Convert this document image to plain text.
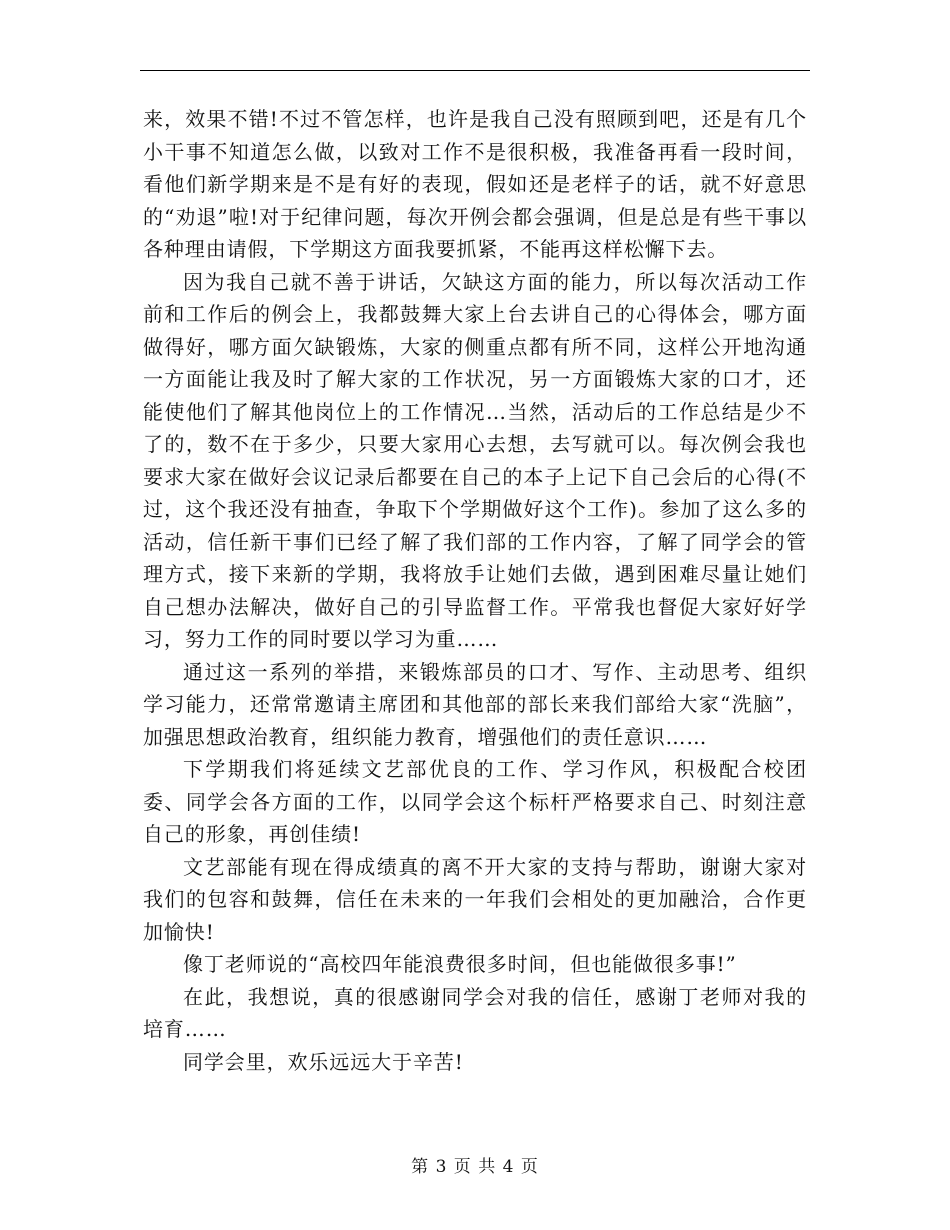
来，效果不错!不过不管怎样，也许是我自己没有照顾到吧，还是有几个小干事不知道怎么做，以致对工作不是很积极，我准备再看一段时间，看他们新学期来是不是有好的表现，假如还是老样子的话，就不好意思的“劝退”啦!对于纪律问题，每次开例会都会强调，但是总是有些干事以各种理由请假，下学期这方面我要抓紧，不能再这样松懈下去。

因为我自己就不善于讲话，欠缺这方面的能力，所以每次活动工作前和工作后的例会上，我都鼓舞大家上台去讲自己的心得体会，哪方面做得好，哪方面欠缺锻炼，大家的侧重点都有所不同，这样公开地沟通一方面能让我及时了解大家的工作状况，另一方面锻炼大家的口才，还能使他们了解其他岗位上的工作情况…当然，活动后的工作总结是少不了的，数不在于多少，只要大家用心去想，去写就可以。每次例会我也要求大家在做好会议记录后都要在自己的本子上记下自己会后的心得(不过，这个我还没有抽查，争取下个学期做好这个工作)。参加了这么多的活动，信任新干事们已经了解了我们部的工作内容，了解了同学会的管理方式，接下来新的学期，我将放手让她们去做，遇到困难尽量让她们自己想办法解决，做好自己的引导监督工作。平常我也督促大家好好学习，努力工作的同时要以学习为重……

通过这一系列的举措，来锻炼部员的口才、写作、主动思考、组织学习能力，还常常邀请主席团和其他部的部长来我们部给大家“洗脑”，加强思想政治教育，组织能力教育，增强他们的责任意识……

下学期我们将延续文艺部优良的工作、学习作风，积极配合校团委、同学会各方面的工作，以同学会这个标杆严格要求自己、时刻注意自己的形象，再创佳绩!

文艺部能有现在得成绩真的离不开大家的支持与帮助，谢谢大家对我们的包容和鼓舞，信任在未来的一年我们会相处的更加融洽，合作更加愉快!

像丁老师说的“高校四年能浪费很多时间，但也能做很多事!”

在此，我想说，真的很感谢同学会对我的信任，感谢丁老师对我的培育……

同学会里，欢乐远远大于辛苦!

第 3 页 共 4 页
